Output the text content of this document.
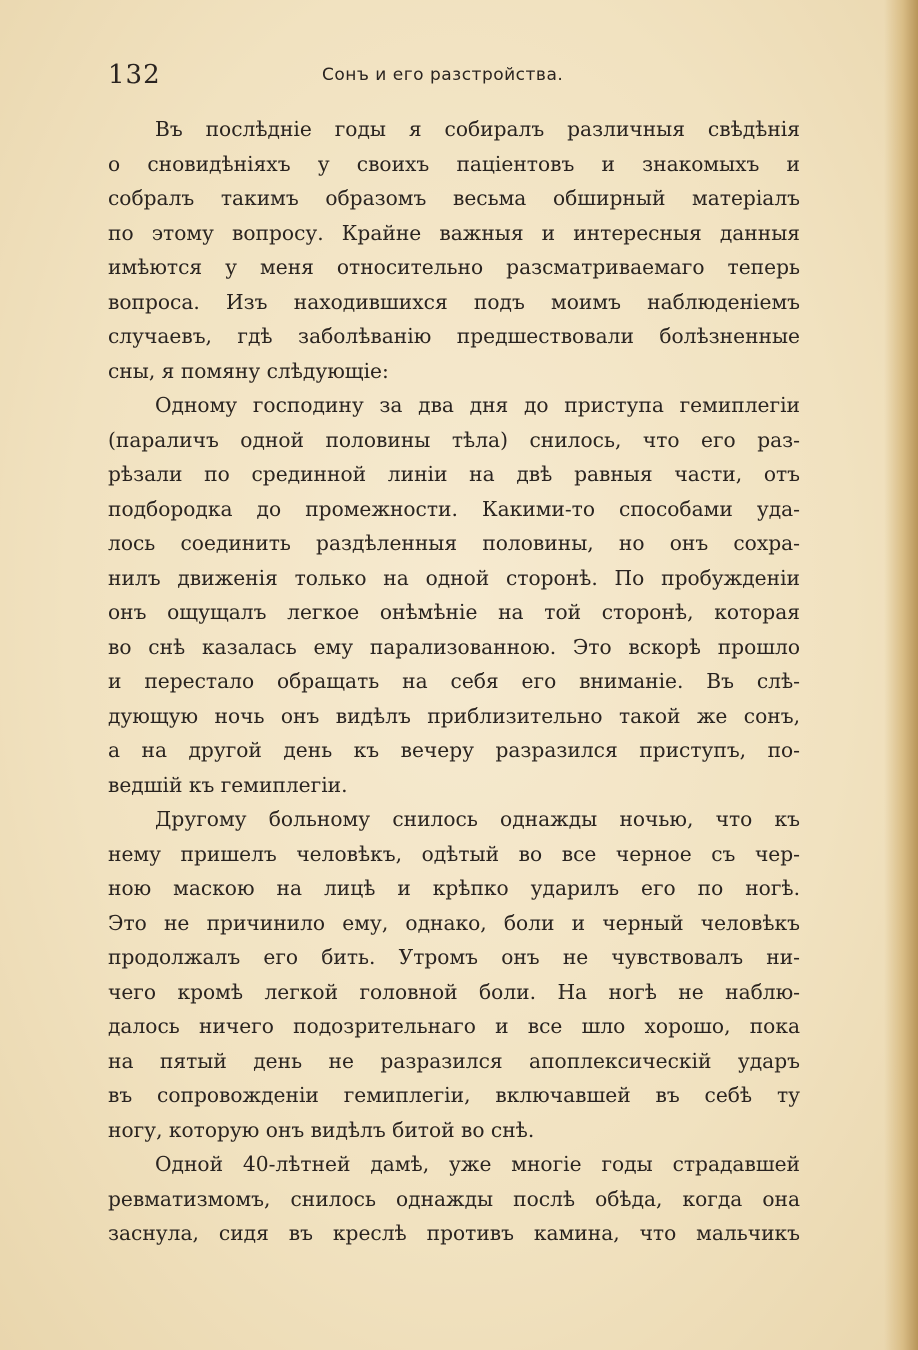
132	Сонъ и его разстройства.
Въ послѣдніе годы я собиралъ различныя свѣдѣнія
о сновидѣніяхъ у своихъ паціентовъ и знакомыхъ и
собралъ такимъ образомъ весьма обширный матеріалъ
по этому вопросу. Крайне важныя и интересныя данныя
имѣются у меня относительно разсматриваемаго теперь
вопроса. Изъ находившихся подъ моимъ наблюденіемъ
случаевъ, гдѣ заболѣванію предшествовали болѣзненные
сны, я помяну слѣдующіе:
Одному господину за два дня до приступа гемиплегіи
(параличъ одной половины тѣла) снилось, что его раз-
рѣзали по срединной линіи на двѣ равныя части, отъ
подбородка до промежности. Какими-то способами уда-
лось соединить раздѣленныя половины, но онъ сохра-
нилъ движенія только на одной сторонѣ. По пробужденіи
онъ ощущалъ легкое онѣмѣніе на той сторонѣ, которая
во снѣ казалась ему парализованною. Это вскорѣ прошло
и перестало обращать на себя его вниманіе. Въ слѣ-
дующую ночь онъ видѣлъ приблизительно такой же сонъ,
а на другой день къ вечеру разразился приступъ, по-
ведшій къ гемиплегіи.
Другому больному снилось однажды ночью, что къ
нему пришелъ человѣкъ, одѣтый во все черное съ чер-
ною маскою на лицѣ и крѣпко ударилъ его по ногѣ.
Это не причинило ему, однако, боли и черный человѣкъ
продолжалъ его бить. Утромъ онъ не чувствовалъ ни-
чего кромѣ легкой головной боли. На ногѣ не наблю-
далось ничего подозрительнаго и все шло хорошо, пока
на пятый день не разразился апоплексическій ударъ
въ сопровожденіи гемиплегіи, включавшей въ себѣ ту
ногу, которую онъ видѣлъ битой во снѣ.
Одной 40-лѣтней дамѣ, уже многіе годы страдавшей
ревматизмомъ, снилось однажды послѣ обѣда, когда она
заснула, сидя въ креслѣ противъ камина, что мальчикъ
